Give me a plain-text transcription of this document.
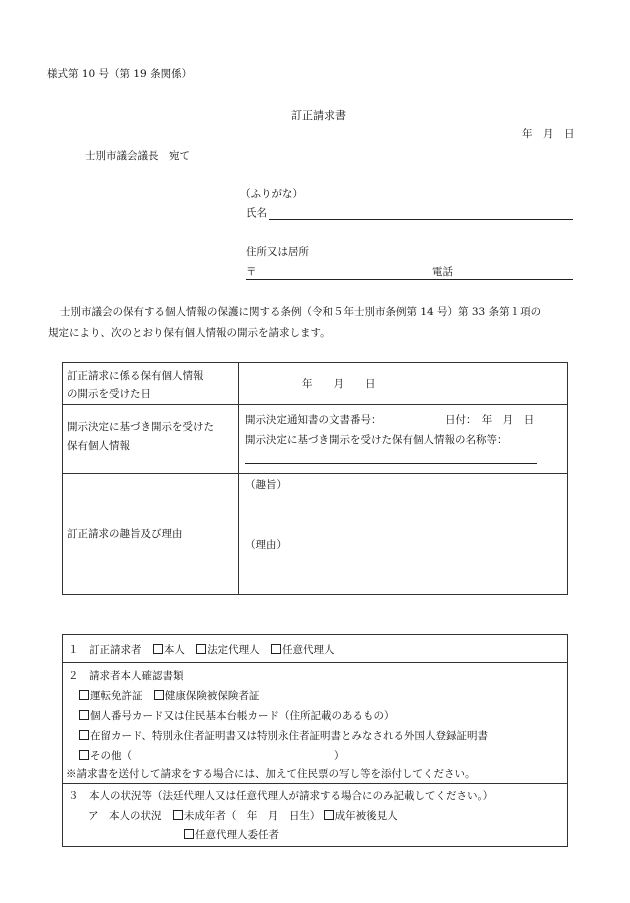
様式第 10 号（第 19 条関係）
訂正請求書
年　月　日
士別市議会議長　宛て
（ふりがな）
氏名
住所又は居所
〒	電話
士別市議会の保有する個人情報の保護に関する条例（令和５年士別市条例第 14 号）第 33 条第１項の
規定により、次のとおり保有個人情報の開示を請求します。
訂正請求に係る保有個人情報
の開示を受けた日
年　　月　　日
開示決定に基づき開示を受けた
保有個人情報
開示決定通知書の文書番号：	日付：　年　月　日
開示決定に基づき開示を受けた保有個人情報の名称等：
訂正請求の趣旨及び理由
（趣旨）
（理由）
１　訂正請求者 本人 法定代理人 任意代理人
２　請求者本人確認書類
運転免許証 健康保険被保険者証
個人番号カード又は住民基本台帳カード（住所記載のあるもの）
在留カード、特別永住者証明書又は特別永住者証明書とみなされる外国人登録証明書
その他（	）
※請求書を送付して請求をする場合には、加えて住民票の写し等を添付してください。
３　本人の状況等（法廷代理人又は任意代理人が請求する場合にのみ記載してください。）
ア　本人の状況 未成年者（　年　月　日生） 成年被後見人
任意代理人委任者
